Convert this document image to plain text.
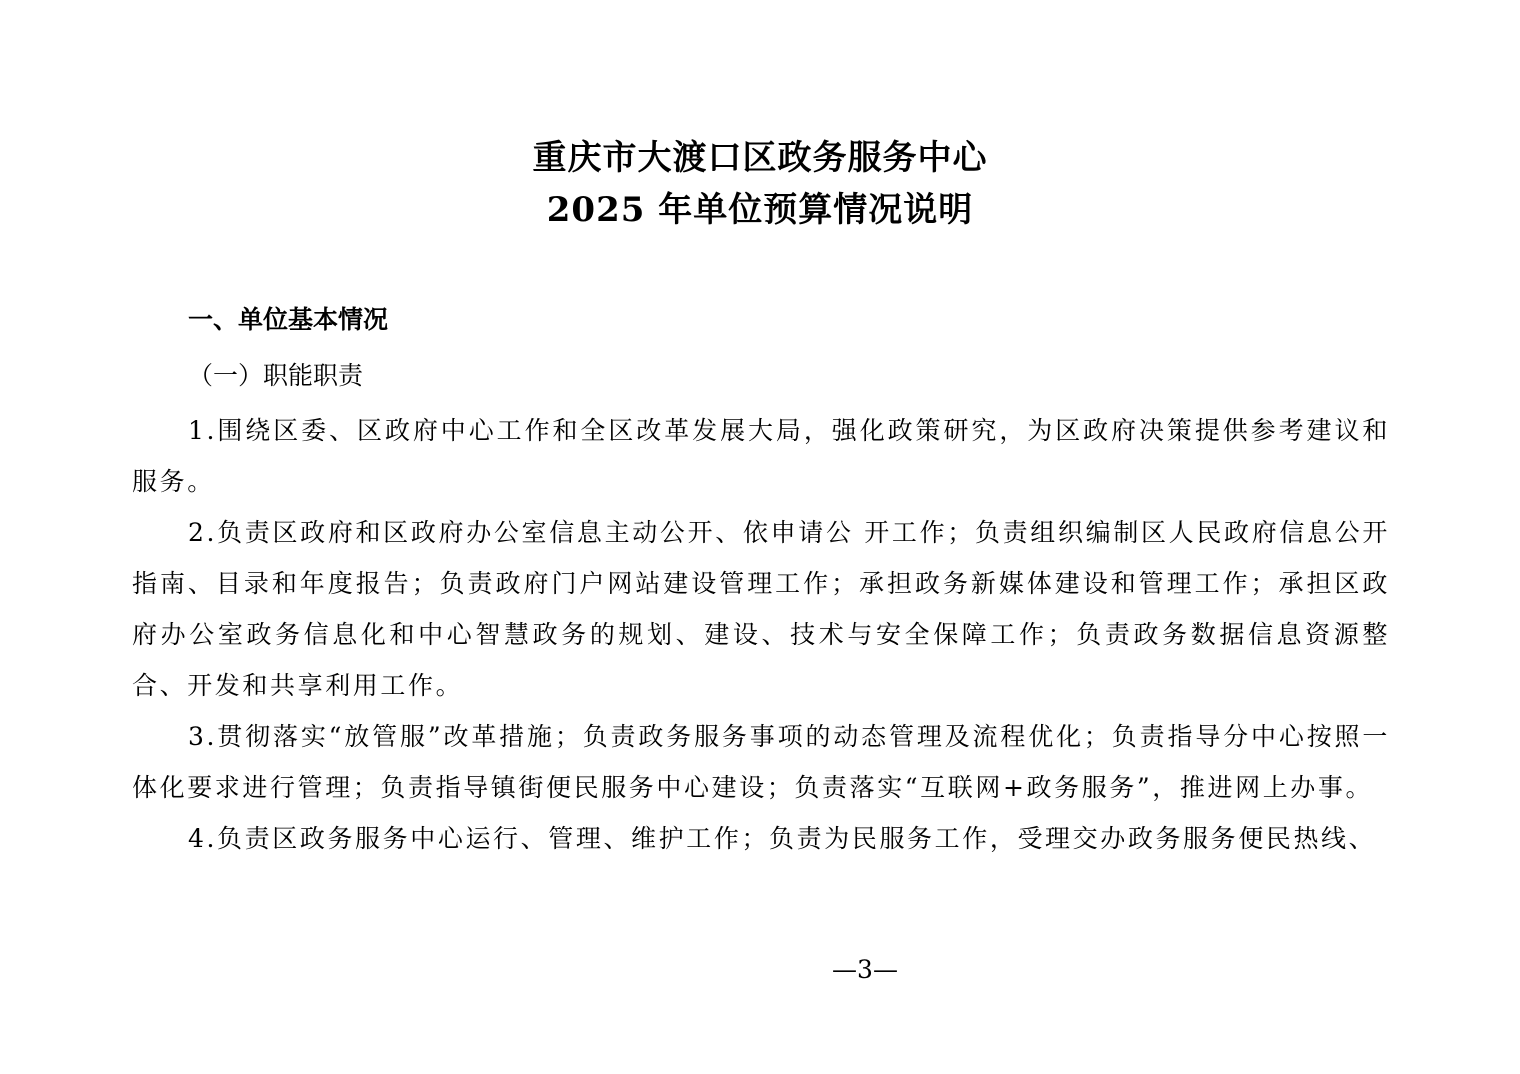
重庆市大渡口区政务服务中心
2025 年单位预算情况说明
一、单位基本情况
（一）职能职责

1.围绕区委、区政府中心工作和全区改革发展大局，强化政策研究，为区政府决策提供参考建议和服务。

2.负责区政府和区政府办公室信息主动公开、依申请公 开工作；负责组织编制区人民政府信息公开指南、目录和年度报告；负责政府门户网站建设管理工作；承担政务新媒体建设和管理工作；承担区政府办公室政务信息化和中心智慧政务的规划、建设、技术与安全保障工作；负责政务数据信息资源整合、开发和共享利用工作。

3.贯彻落实“放管服”改革措施；负责政务服务事项的动态管理及流程优化；负责指导分中心按照一体化要求进行管理；负责指导镇街便民服务中心建设；负责落实“互联网+政务服务”，推进网上办事。

4.负责区政务服务中心运行、管理、维护工作；负责为民服务工作，受理交办政务服务便民热线、

—3—
